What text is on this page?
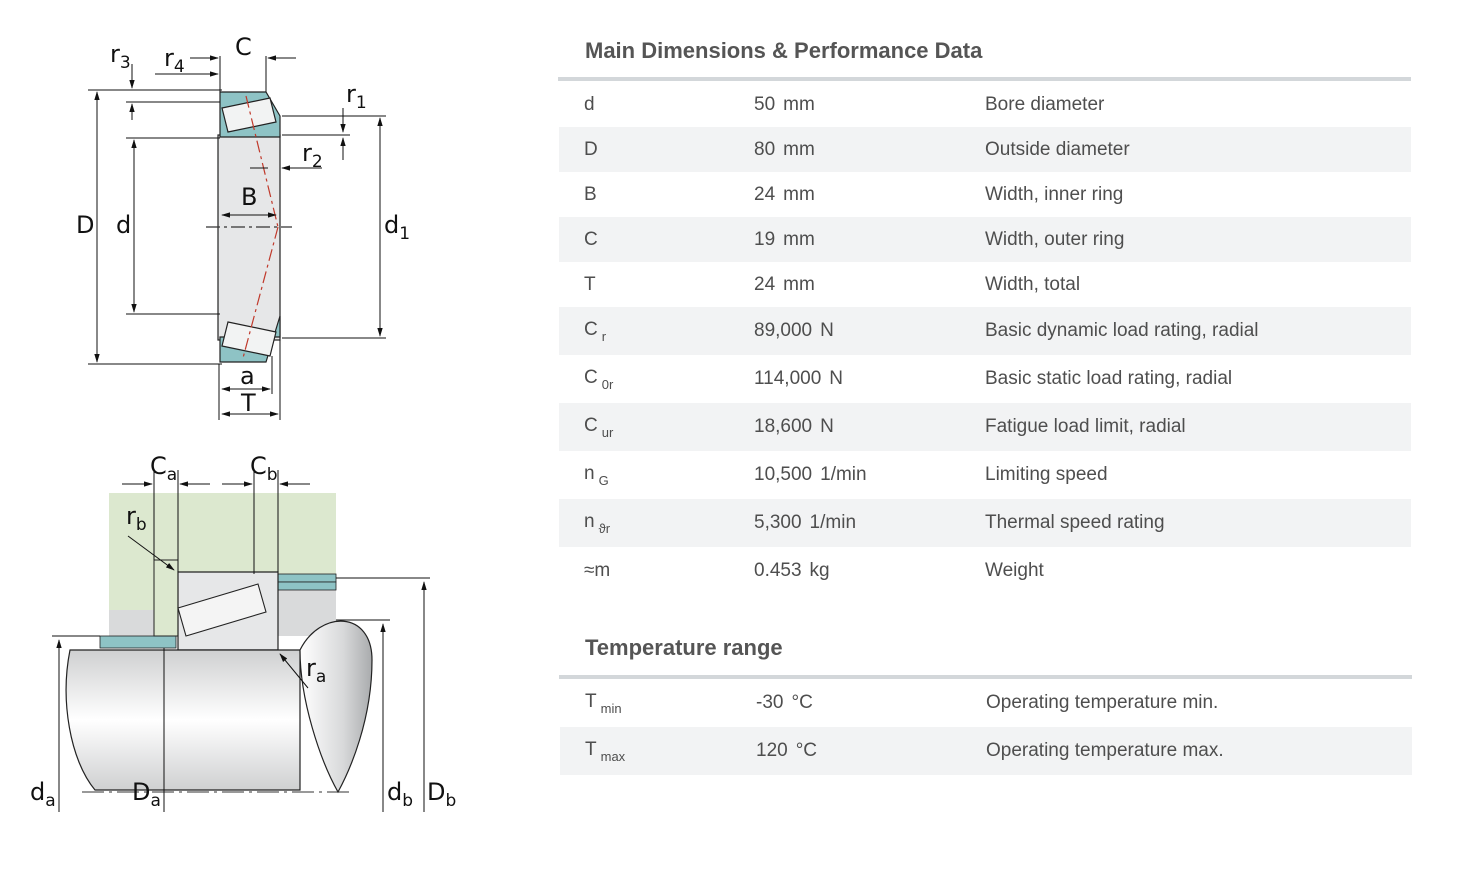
$r_3$ $r_4$
C
$r_1$
$r_2$
B
D d	$d_1$
a
T
$C_a$	$C_b$
$r_b$
$r_a$
$d_a$	$D_a$	$d_b$ $D_b$
Main Dimensions & Performance Data
d	50 mm	Bore diameter
D	80 mm	Outside diameter
B	24 mm	Width, inner ring
C	19 mm	Width, outer ring
T	24 mm	Width, total
C $_r$	89,000 N	Basic dynamic load rating, radial
C $_{0r}$	114,000 N	Basic static load rating, radial
C $_{ur}$	18,600 N	Fatigue load limit, radial
n $_G$	10,500 1/min	Limiting speed
n $_{ϑr}$	5,300 1/min	Thermal speed rating
≈m	0.453 kg	Weight
Temperature range
T $_{min}$	-30 °C	Operating temperature min.
T $_{max}$	120 °C	Operating temperature max.
